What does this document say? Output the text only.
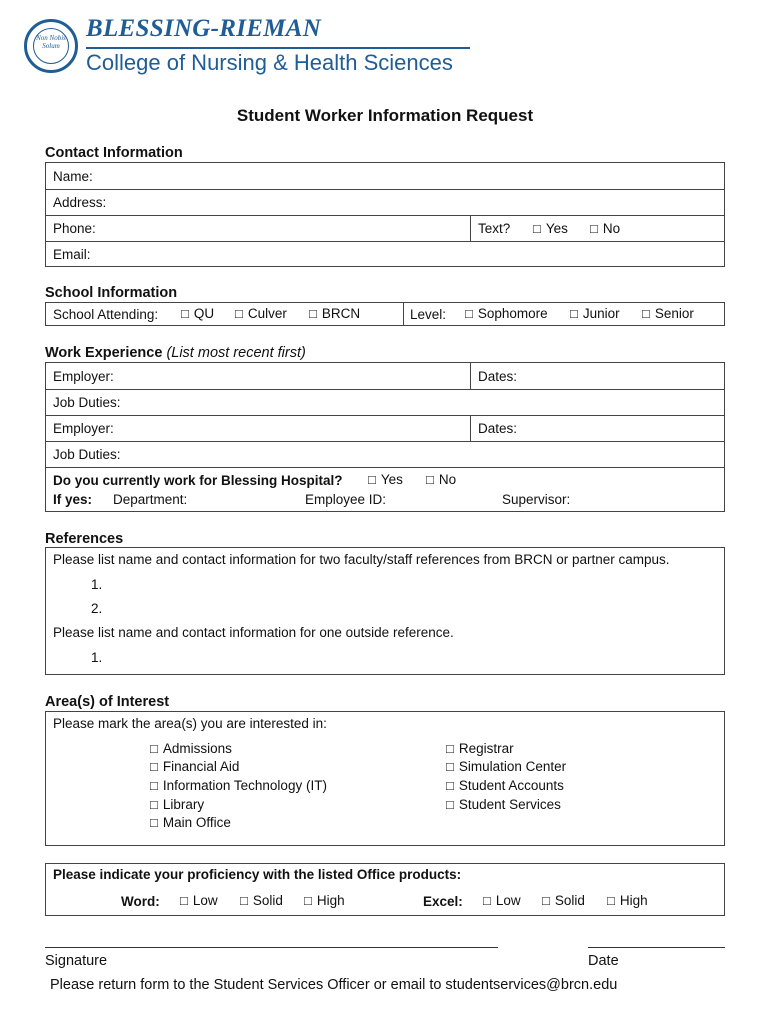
Non Nobis Solum
BLESSING-RIEMAN
College of Nursing & Health Sciences
Student Worker Information Request
Contact Information
Name:
Address:
Phone:	Text?	□ Yes	□ No
Email:
School Information
School Attending:	□ QU	□ Culver	□ BRCN	Level:	□ Sophomore	□ Junior	□ Senior
Work Experience (List most recent first)
Employer:	Dates:
Job Duties:
Employer:	Dates:
Job Duties:
Do you currently work for Blessing Hospital?	□ Yes	□ No
If yes: Department:	Employee ID:	Supervisor:
References
Please list name and contact information for two faculty/staff references from BRCN or partner campus.
1.
2.
Please list name and contact information for one outside reference.
1.
Area(s) of Interest
Please mark the area(s) you are interested in:
□ Admissions
□ Financial Aid
□ Information Technology (IT)
□ Library
□ Main Office
□ Registrar
□ Simulation Center
□ Student Accounts
□ Student Services
Please indicate your proficiency with the listed Office products:
Word:	□ Low	□ Solid	□ High	Excel:	□ Low	□ Solid	□ High
Signature	Date
Please return form to the Student Services Officer or email to studentservices@brcn.edu
